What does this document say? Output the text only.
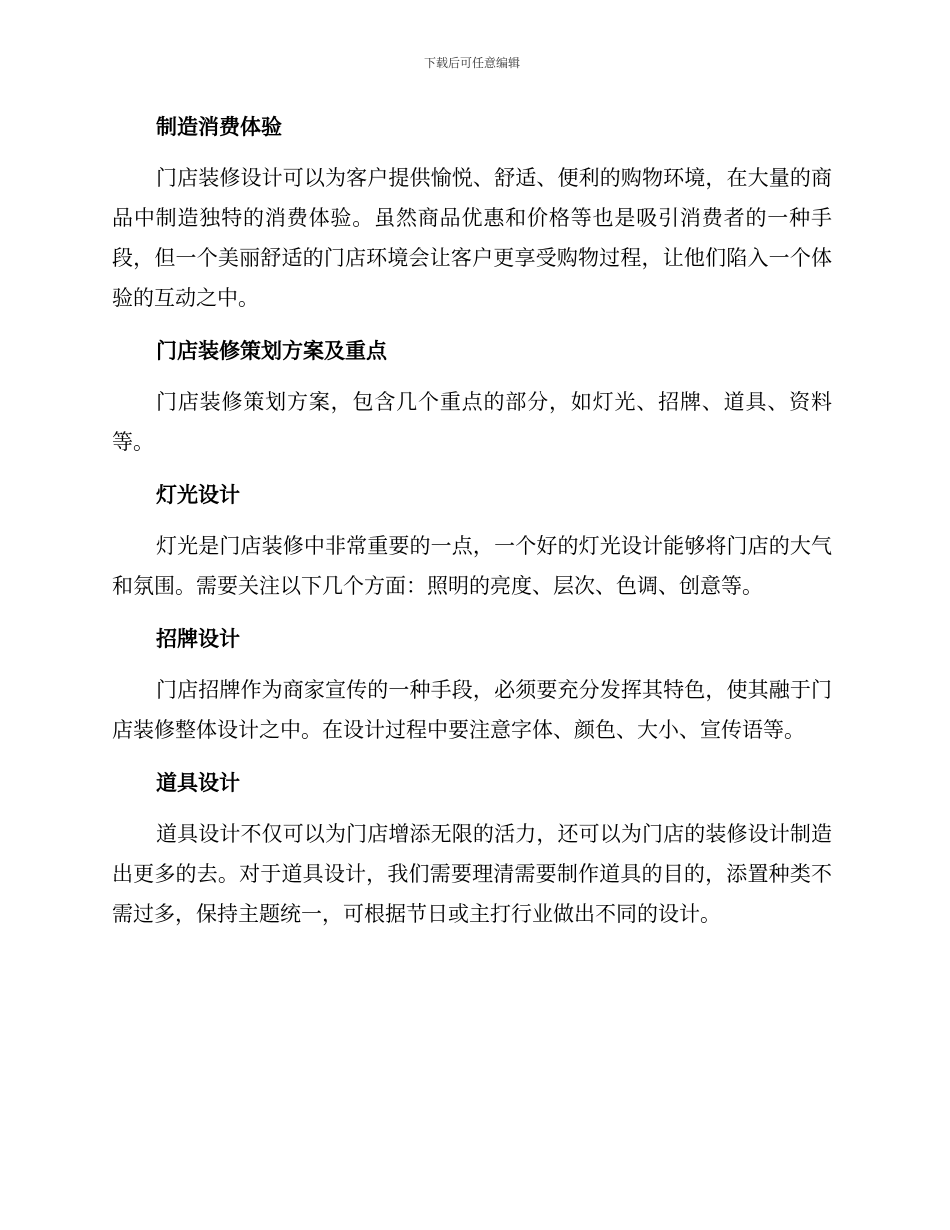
下载后可任意编辑
制造消费体验

门店装修设计可以为客户提供愉悦、舒适、便利的购物环境，在大量的商品中制造独特的消费体验。虽然商品优惠和价格等也是吸引消费者的一种手段，但一个美丽舒适的门店环境会让客户更享受购物过程，让他们陷入一个体验的互动之中。

门店装修策划方案及重点

门店装修策划方案，包含几个重点的部分，如灯光、招牌、道具、资料等。

灯光设计

灯光是门店装修中非常重要的一点，一个好的灯光设计能够将门店的大气和氛围。需要关注以下几个方面：照明的亮度、层次、色调、创意等。

招牌设计

门店招牌作为商家宣传的一种手段，必须要充分发挥其特色，使其融于门店装修整体设计之中。在设计过程中要注意字体、颜色、大小、宣传语等。

道具设计

道具设计不仅可以为门店增添无限的活力，还可以为门店的装修设计制造出更多的去。对于道具设计，我们需要理清需要制作道具的目的，添置种类不需过多，保持主题统一，可根据节日或主打行业做出不同的设计。
